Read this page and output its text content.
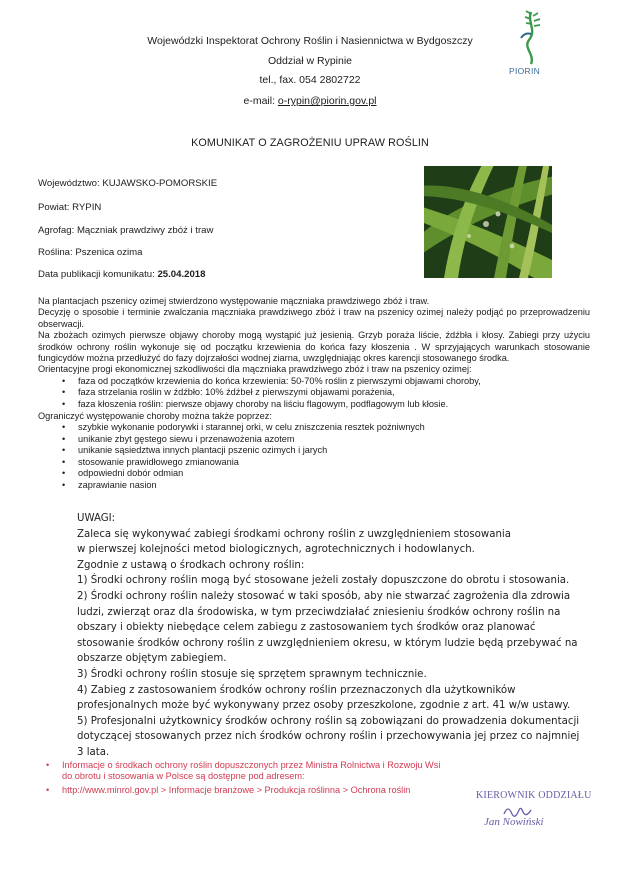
PIORIN
Wojewódzki Inspektorat Ochrony Roślin i Nasiennictwa w Bydgoszczy
Oddział w Rypinie
tel., fax. 054 2802722
e-mail: o-rypin@piorin.gov.pl
KOMUNIKAT O ZAGROŻENIU UPRAW ROŚLIN
Województwo: KUJAWSKO-POMORSKIE
Powiat: RYPIN
Agrofag: Mączniak prawdziwy zbóż i traw
Roślina: Pszenica ozima
Data publikacji komunikatu: 25.04.2018
Na plantacjach pszenicy ozimej stwierdzono występowanie mączniaka prawdziwego zbóż i traw.
Decyzję o sposobie i terminie zwalczania mączniaka prawdziwego zbóż i traw na pszenicy ozimej należy podjąć po przeprowadzeniu obserwacji.
Na zbożach ozimych pierwsze objawy choroby mogą wystąpić już jesienią. Grzyb poraża liście, źdźbła i kłosy. Zabiegi przy użyciu środków ochrony roślin wykonuje się od początku krzewienia do końca fazy kłoszenia . W sprzyjających warunkach stosowanie fungicydów można przedłużyć do fazy dojrzałości wodnej ziarna, uwzględniając okres karencji stosowanego środka.
Orientacyjne progi ekonomicznej szkodliwości dla mączniaka prawdziwego zbóż i traw na pszenicy ozimej:
• faza od początków krzewienia do końca krzewienia: 50-70% roślin z pierwszymi objawami choroby,
• faza strzelania roślin w źdźbło: 10% źdźbeł z pierwszymi objawami porażenia,
• faza kłoszenia roślin: pierwsze objawy choroby na liściu flagowym, podflagowym lub kłosie.
Ograniczyć występowanie choroby można także poprzez:
• szybkie wykonanie podorywki i starannej orki, w celu zniszczenia resztek pożniwnych
• unikanie zbyt gęstego siewu i przenawożenia azotem
• unikanie sąsiedztwa innych plantacji pszenic ozimych i jarych
• stosowanie prawidłowego zmianowania
• odpowiedni dobór odmian
• zaprawianie nasion

UWAGI:

Zaleca się wykonywać zabiegi środkami ochrony roślin z uwzględnieniem stosowania

w pierwszej kolejności metod biologicznych, agrotechnicznych i hodowlanych.

Zgodnie z ustawą o środkach ochrony roślin:

1) Środki ochrony roślin mogą być stosowane jeżeli zostały dopuszczone do obrotu i stosowania.

2) Środki ochrony roślin należy stosować w taki sposób, aby nie stwarzać zagrożenia dla zdrowia

ludzi, zwierząt oraz dla środowiska, w tym przeciwdziałać zniesieniu środków ochrony roślin na

obszary i obiekty niebędące celem zabiegu z zastosowaniem tych środków oraz planować

stosowanie środków ochrony roślin z uwzględnieniem okresu, w którym ludzie będą przebywać na

obszarze objętym zabiegiem.

3) Środki ochrony roślin stosuje się sprzętem sprawnym technicznie.

4) Zabieg z zastosowaniem środków ochrony roślin przeznaczonych dla użytkowników

profesjonalnych może być wykonywany przez osoby przeszkolone, zgodnie z art. 41 w/w ustawy.

5) Profesjonalni użytkownicy środków ochrony roślin są zobowiązani do prowadzenia dokumentacji

dotyczącej stosowanych przez nich środków ochrony roślin i przechowywania jej przez co najmniej

3 lata.

• Informacje o środkach ochrony roślin dopuszczonych przez Ministra Rolnictwa i Rozwoju Wsi
do obrotu i stosowania w Polsce są dostępne pod adresem:
• http://www.minrol.gov.pl > Informacje branżowe > Produkcja roślinna > Ochrona roślin
KIEROWNIK ODDZIAŁU
Jan Nowiński
